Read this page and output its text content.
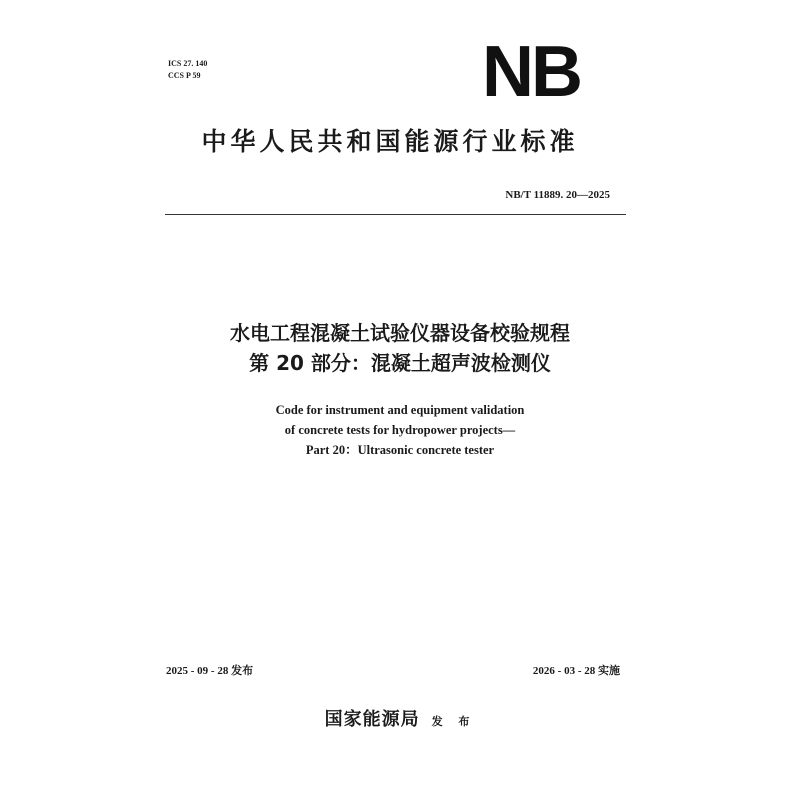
ICS 27. 140
CCS P 59	NB
中华人民共和国能源行业标准
NB/T 11889. 20—2025
水电工程混凝土试验仪器设备校验规程
第 20 部分：混凝土超声波检测仪
Code for instrument and equipment validation
of concrete tests for hydropower projects—
Part 20：Ultrasonic concrete tester
2025 - 09 - 28 发布	2026 - 03 - 28 实施
国家能源局 发 布
